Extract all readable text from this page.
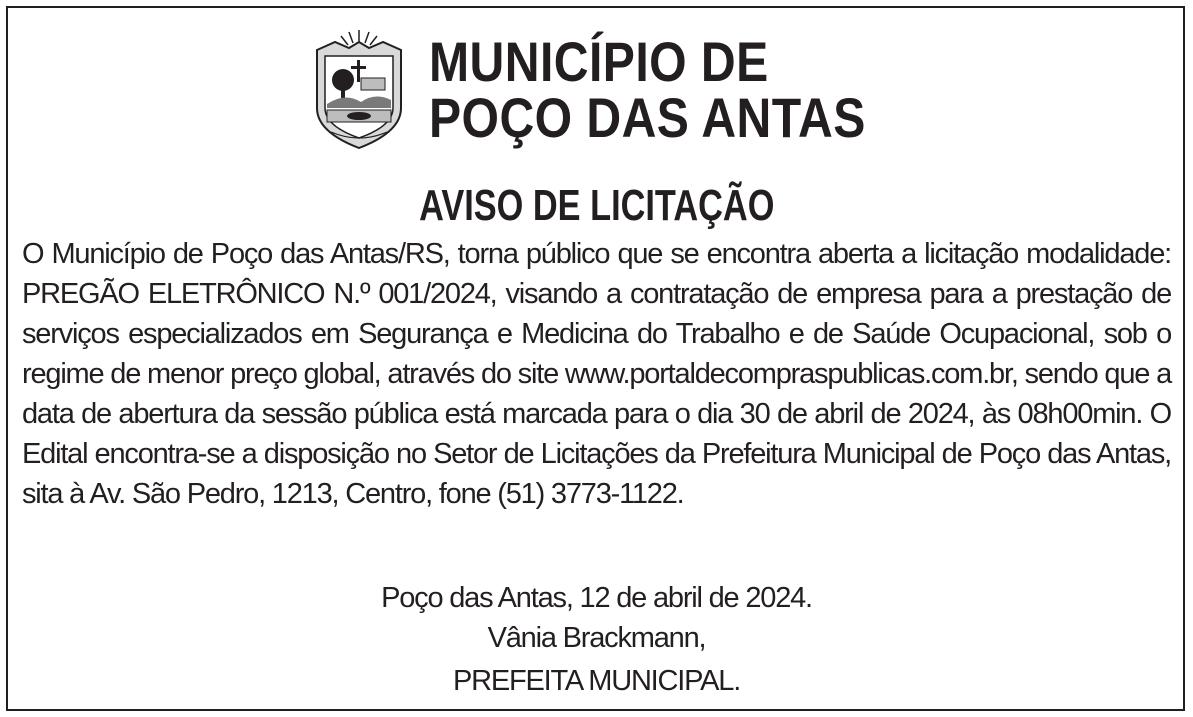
MUNICÍPIO DE
POÇO DAS ANTAS
AVISO DE LICITAÇÃO
O Município de Poço das Antas/RS, torna público que se encontra aberta a licitação modalidade: PREGÃO ELETRÔNICO N.º 001/2024, visando a contratação de empresa para a prestação de serviços especializados em Segurança e Medicina do Trabalho e de Saúde Ocupacional, sob o regime de menor preço global, através do site www.portaldecompraspublicas.com.br, sendo que a data de abertura da sessão pública está marcada para o dia 30 de abril de 2024, às 08h00min. O Edital encontra-se a disposição no Setor de Licitações da Prefeitura Municipal de Poço das Antas, sita à Av. São Pedro, 1213, Centro, fone (51) 3773-1122.
Poço das Antas, 12 de abril de 2024.
Vânia Brackmann,
PREFEITA MUNICIPAL.
